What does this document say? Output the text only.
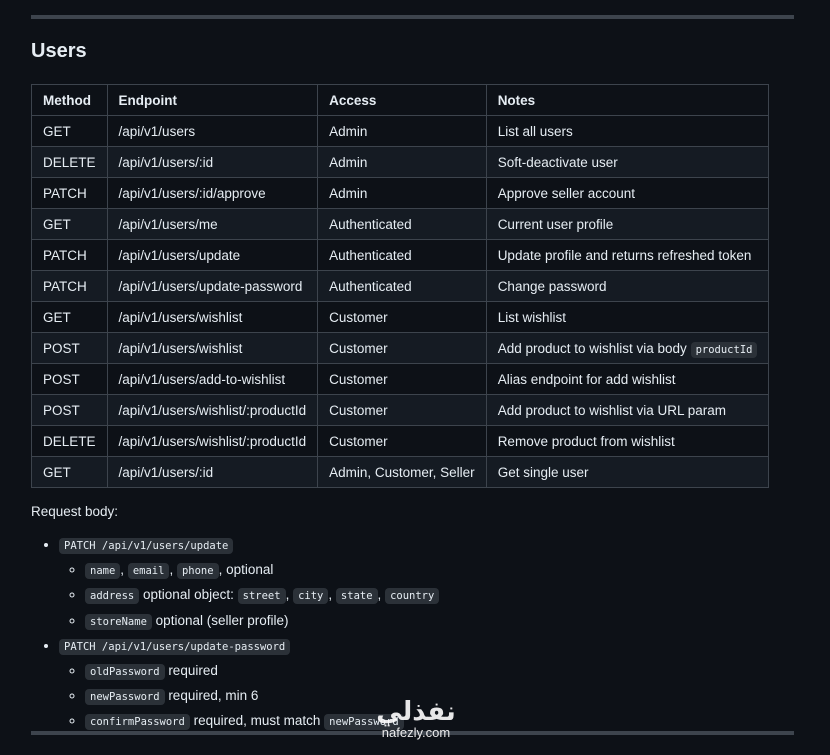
Users
Method	Endpoint	Access	Notes
GET	/api/v1/users	Admin	List all users
DELETE	/api/v1/users/:id	Admin	Soft-deactivate user
PATCH	/api/v1/users/:id/approve	Admin	Approve seller account
GET	/api/v1/users/me	Authenticated	Current user profile
PATCH	/api/v1/users/update	Authenticated	Update profile and returns refreshed token
PATCH	/api/v1/users/update-password	Authenticated	Change password
GET	/api/v1/users/wishlist	Customer	List wishlist
POST	/api/v1/users/wishlist	Customer	Add product to wishlist via body productId
POST	/api/v1/users/add-to-wishlist	Customer	Alias endpoint for add wishlist
POST	/api/v1/users/wishlist/:productId	Customer	Add product to wishlist via URL param
DELETE	/api/v1/users/wishlist/:productId	Customer	Remove product from wishlist
GET	/api/v1/users/:id	Admin, Customer, Seller	Get single user
Request body:
• PATCH /api/v1/users/update
◦ name , email , phone , optional
◦ address optional object: street , city , state , country
◦ storeName optional (seller profile)
• PATCH /api/v1/users/update-password
◦ oldPassword required
◦ newPassword required, min 6
◦ confirmPassword required, must match newPassword
نفذلي
nafezly.com
